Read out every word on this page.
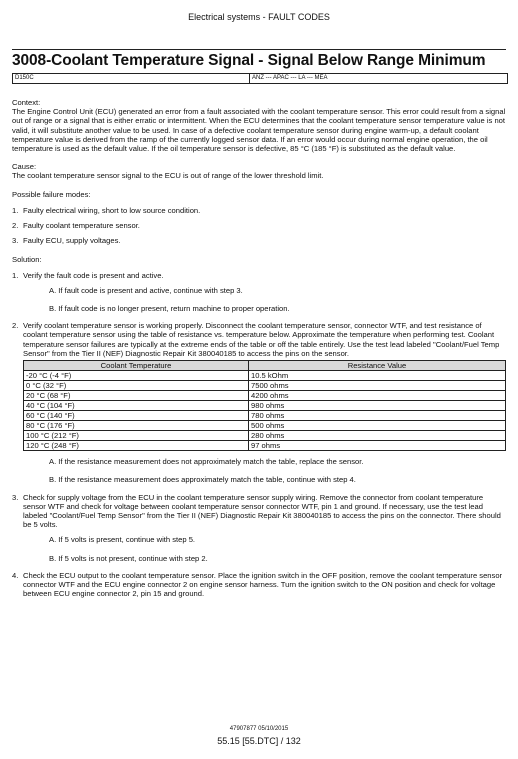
Electrical systems - FAULT CODES
3008-Coolant Temperature Signal - Signal Below Range Minimum
D150C	ANZ --- APAC --- LA --- MEA

Context:

The Engine Control Unit (ECU) generated an error from a fault associated with the coolant temperature sensor. This error could result from a signal out of range or a signal that is either erratic or intermittent. When the ECU determines that the coolant temperature sensor temperature value is not valid, it will substitute another value to be used. In case of a defective coolant temperature sensor during engine warm-up, a default coolant temperature value is derived from the ramp of the currently logged sensor data. If an error would occur during normal engine operation, the oil temperature is used as the default value. If the oil temperature sensor is defective, 85 °C (185 °F) is substituted as the default value.

Cause:

The coolant temperature sensor signal to the ECU is out of range of the lower threshold limit.

Possible failure modes:

1. Faulty electrical wiring, short to low source condition.
2. Faulty coolant temperature sensor.
3. Faulty ECU, supply voltages.

Solution:

1. Verify the fault code is present and active.

A. If fault code is present and active, continue with step 3.

B. If fault code is no longer present, return machine to proper operation.

2. Verify coolant temperature sensor is working properly. Disconnect the coolant temperature sensor, connector WTF, and test resistance of coolant temperature sensor using the table of resistance vs. temperature below. Approximate the temperature when performing test. Coolant temperature sensor failures are typically at the extreme ends of the table or off the table entirely. Use the test lead labeled "Coolant/Fuel Temp Sensor" from the Tier II (NEF) Diagnostic Repair Kit 380040185 to access the pins on the sensor.
Coolant Temperature	Resistance Value
-20 °C (-4 °F)	10.5 kOhm
0 °C (32 °F)	7500 ohms
20 °C (68 °F)	4200 ohms
40 °C (104 °F)	980 ohms
60 °C (140 °F)	780 ohms
80 °C (176 °F)	500 ohms
100 °C (212 °F)	280 ohms
120 °C (248 °F)	97 ohms

A. If the resistance measurement does not approximately match the table, replace the sensor.

B. If the resistance measurement does approximately match the table, continue with step 4.

3. Check for supply voltage from the ECU in the coolant temperature sensor supply wiring. Remove the connector from coolant temperature sensor WTF and check for voltage between coolant temperature sensor connector WTF, pin 1 and ground. If necessary, use the test lead labeled "Coolant/Fuel Temp Sensor" from the Tier II (NEF) Diagnostic Repair Kit 380040185 to access the pins on the connector. There should be 5 volts.

A. If 5 volts is present, continue with step 5.

B. If 5 volts is not present, continue with step 2.

4. Check the ECU output to the coolant temperature sensor. Place the ignition switch in the OFF position, remove the coolant temperature sensor connector WTF and the ECU engine connector 2 on engine sensor harness. Turn the ignition switch to the ON position and check for voltage between ECU engine connector 2, pin 15 and ground.
47907877 05/10/2015
55.15 [55.DTC] / 132
